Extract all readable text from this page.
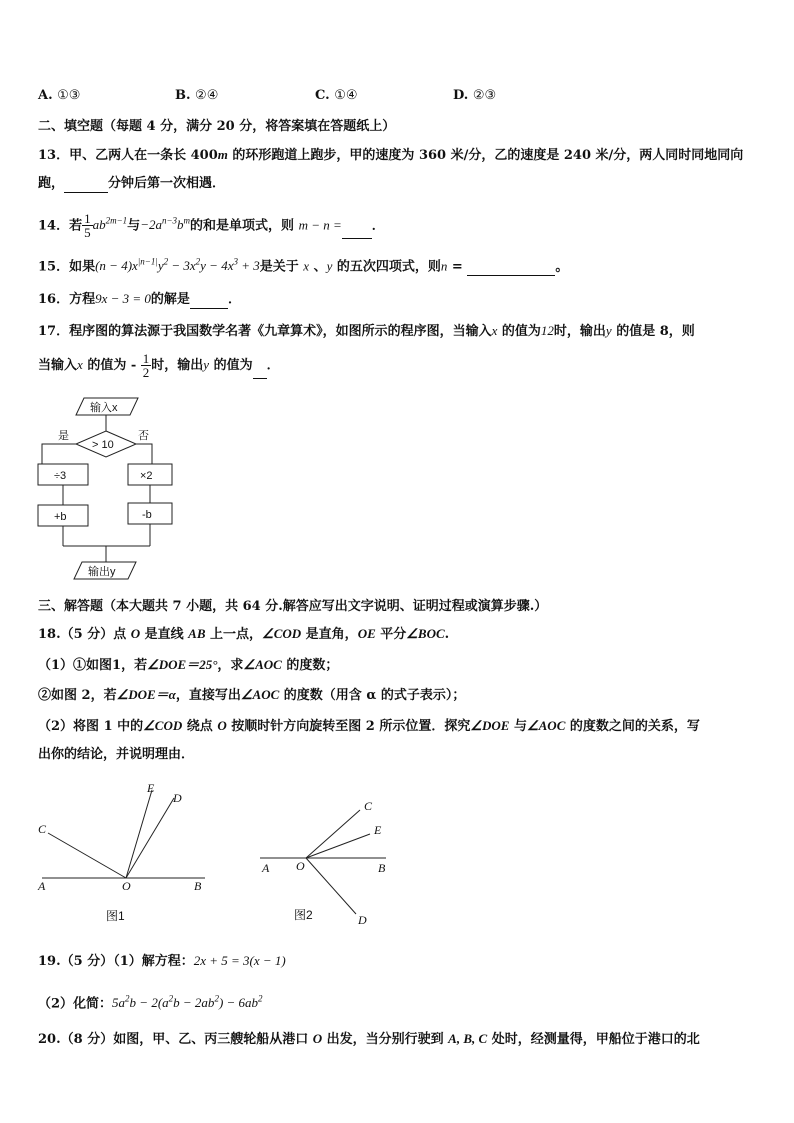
A. ①③	B. ②④	C. ①④	D. ②③
二、填空题（每题 4 分，满分 20 分，将答案填在答题纸上）
13．甲、乙两人在一条长 400m 的环形跑道上跑步，甲的速度为 360 米/分，乙的速度是 240 米/分，两人同时同地同向
跑，	分钟后第一次相遇．
14．若 $\frac{1}{5} ab^{2m-1}$与$-2a^{n-3}b^m$的和是单项式，则 m − n = ．
15．如果$(n - 4)x^{|n-1|}y^2 - 3x^2y - 4x^3 + 3$是关于 x 、y 的五次四项式，则n =	。
16．方程9x − 3 = 0的解是	．
17．程序图的算法源于我国数学名著《九章算术》，如图所示的程序图，当输入x 的值为12时，输出y 的值是 8，则
当输入x 的值为 - $\frac{1}{2}$ 时，输出y 的值为 ．
输入x
是	否
> 10
÷3	×2
+b	-b
输出y
三、解答题（本大题共 7 小题，共 64 分.解答应写出文字说明、证明过程或演算步骤.）
18.（5 分）点 O 是直线 AB 上一点，∠COD 是直角，OE 平分∠BOC.
（1）①如图1，若∠DOE＝25°，求∠AOC 的度数；
②如图 2，若∠DOE＝α，直接写出∠AOC 的度数（用含 α 的式子表示）；
（2）将图 1 中的∠COD 绕点 O 按顺时针方向旋转至图 2 所示位置．探究∠DOE 与∠AOC 的度数之间的关系，写
出你的结论，并说明理由．
A	O	B
C
E
D
图1
A O	B
C
E
D
图2
19.（5 分）（1）解方程：2x + 5 = 3(x − 1)
（2）化简：$5a^2b - 2(a^2b - 2ab^2) - 6ab^2$
20.（8 分）如图，甲、乙、丙三艘轮船从港口 O 出发，当分别行驶到 A, B, C 处时，经测量得，甲船位于港口的北
